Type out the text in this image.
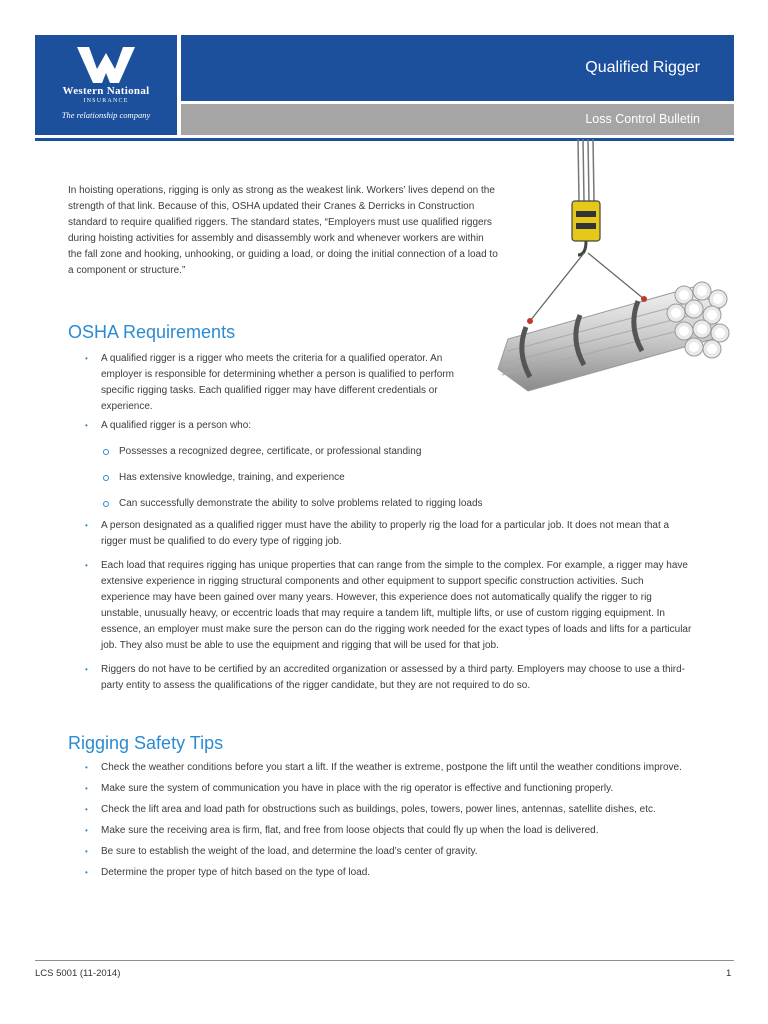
Western National
INSURANCE
The relationship company
Qualified Rigger
Loss Control Bulletin
In hoisting operations, rigging is only as strong as the weakest link. Workers’ lives depend on the strength of that link. Because of this, OSHA updated their Cranes & Derricks in Construction standard to require qualified riggers. The standard states, “Employers must use qualified riggers during hoisting activities for assembly and disassembly work and whenever workers are within the fall zone and hooking, unhooking, or guiding a load, or doing the initial connection of a load to a component or structure.”
OSHA Requirements
• A qualified rigger is a rigger who meets the criteria for a qualified operator. An employer is responsible for determining whether a person is qualified to perform specific rigging tasks. Each qualified rigger may have different credentials or experience.
• A qualified rigger is a person who:
Possesses a recognized degree, certificate, or professional standing
Has extensive knowledge, training, and experience
Can successfully demonstrate the ability to solve problems related to rigging loads
• A person designated as a qualified rigger must have the ability to properly rig the load for a particular job. It does not mean that a rigger must be qualified to do every type of rigging job.
• Each load that requires rigging has unique properties that can range from the simple to the complex. For example, a rigger may have extensive experience in rigging structural components and other equipment to support specific construction activities. Such experience may have been gained over many years. However, this experience does not automatically qualify the rigger to rig unstable, unusually heavy, or eccentric loads that may require a tandem lift, multiple lifts, or use of custom rigging equipment. In essence, an employer must make sure the person can do the rigging work needed for the exact types of loads and lifts for a particular job. They also must be able to use the equipment and rigging that will be used for that job.
• Riggers do not have to be certified by an accredited organization or assessed by a third party. Employers may choose to use a third-party entity to assess the qualifications of the rigger candidate, but they are not required to do so.
Rigging Safety Tips
• Check the weather conditions before you start a lift. If the weather is extreme, postpone the lift until the weather conditions improve.
• Make sure the system of communication you have in place with the rig operator is effective and functioning properly.
• Check the lift area and load path for obstructions such as buildings, poles, towers, power lines, antennas, satellite dishes, etc.
• Make sure the receiving area is firm, flat, and free from loose objects that could fly up when the load is delivered.
• Be sure to establish the weight of the load, and determine the load’s center of gravity.
• Determine the proper type of hitch based on the type of load.
LCS 5001 (11-2014)	1
